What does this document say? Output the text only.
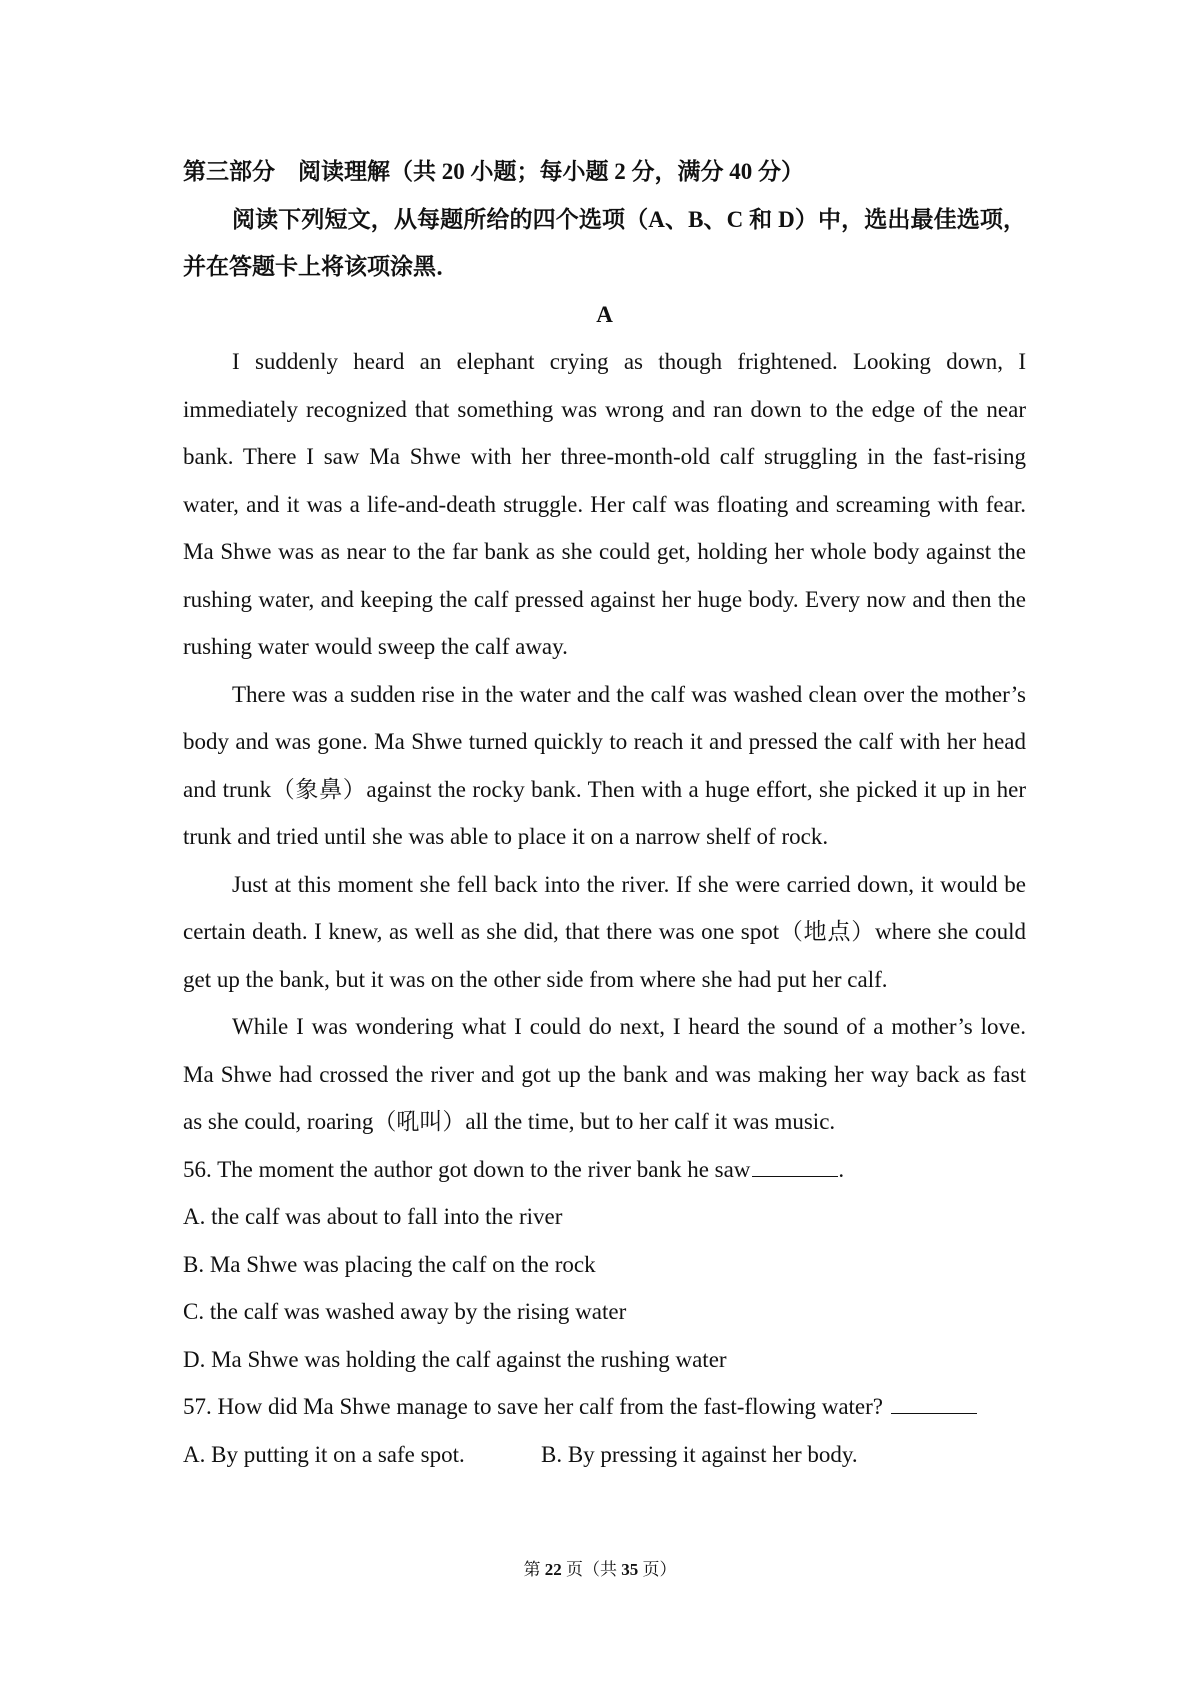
第三部分　阅读理解（共 20 小题；每小题 2 分，满分 40 分）

阅读下列短文，从每题所给的四个选项（A、B、C 和 D）中，选出最佳选项，并在答题卡上将该项涂黑．

A

I suddenly heard an elephant crying as though frightened. Looking down, I immediately recognized that something was wrong and ran down to the edge of the near bank. There I saw Ma Shwe with her three-month-old calf struggling in the fast-rising water, and it was a life-and-death struggle. Her calf was floating and screaming with fear. Ma Shwe was as near to the far bank as she could get, holding her whole body against the rushing water, and keeping the calf pressed against her huge body. Every now and then the rushing water would sweep the calf away.

There was a sudden rise in the water and the calf was washed clean over the mother’s body and was gone. Ma Shwe turned quickly to reach it and pressed the calf with her head and trunk（象鼻）against the rocky bank. Then with a huge effort, she picked it up in her trunk and tried until she was able to place it on a narrow shelf of rock.

Just at this moment she fell back into the river. If she were carried down, it would be certain death. I knew, as well as she did, that there was one spot（地点）where she could get up the bank, but it was on the other side from where she had put her calf.

While I was wondering what I could do next, I heard the sound of a mother’s love. Ma Shwe had crossed the river and got up the bank and was making her way back as fast as she could, roaring（吼叫）all the time, but to her calf it was music.

56. The moment the author got down to the river bank he saw	.

A. the calf was about to fall into the river

B. Ma Shwe was placing the calf on the rock

C. the calf was washed away by the rising water

D. Ma Shwe was holding the calf against the rushing water

57. How did Ma Shwe manage to save her calf from the fast-flowing water?

A. By putting it on a safe spot.	B. By pressing it against her body.

第 22 页（共 35 页）
